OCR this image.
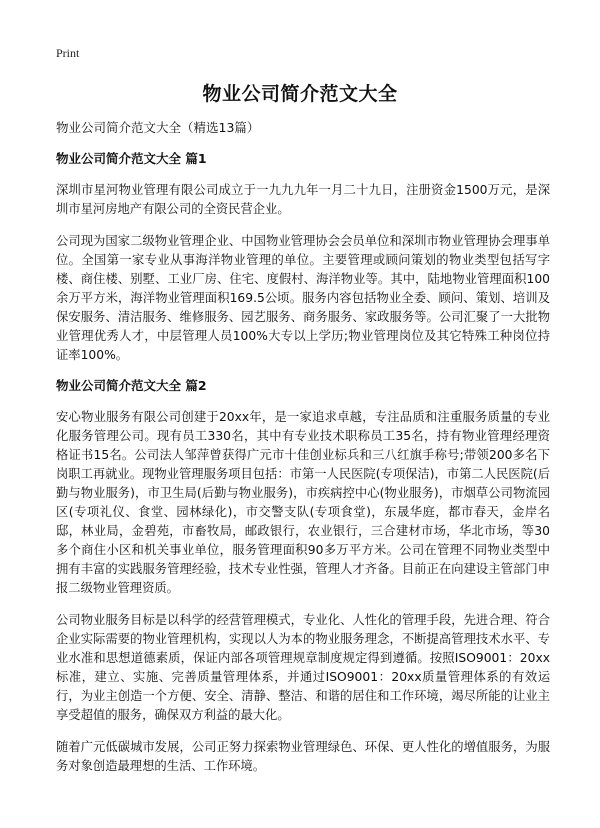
Print
物业公司简介范文大全
物业公司简介范文大全（精选13篇）
物业公司简介范文大全 篇1

深圳市星河物业管理有限公司成立于一九九九年一月二十九日，注册资金1500万元，是深圳市星河房地产有限公司的全资民营企业。

公司现为国家二级物业管理企业、中国物业管理协会会员单位和深圳市物业管理协会理事单位。全国第一家专业从事海洋物业管理的单位。主要管理或顾问策划的物业类型包括写字楼、商住楼、别墅、工业厂房、住宅、度假村、海洋物业等。其中，陆地物业管理面积100余万平方米，海洋物业管理面积169.5公顷。服务内容包括物业全委、顾问、策划、培训及保安服务、清洁服务、维修服务、园艺服务、商务服务、家政服务等。公司汇聚了一大批物业管理优秀人才，中层管理人员100%大专以上学历;物业管理岗位及其它特殊工种岗位持证率100%。

物业公司简介范文大全 篇2

安心物业服务有限公司创建于20xx年，是一家追求卓越，专注品质和注重服务质量的专业化服务管理公司。现有员工330名，其中有专业技术职称员工35名，持有物业管理经理资格证书15名。公司法人邹萍曾获得广元市十佳创业标兵和三八红旗手称号;带领200多名下岗职工再就业。现物业管理服务项目包括：市第一人民医院(专项保洁)，市第二人民医院(后勤与物业服务)，市卫生局(后勤与物业服务)，市疾病控中心(物业服务)，市烟草公司物流园区(专项礼仪、食堂、园林绿化)，市交警支队(专项食堂)，东晟华庭，都市春天，金岸名邸，林业局，金碧苑，市畜牧局，邮政银行，农业银行，三合建材市场，华北市场，等30多个商住小区和机关事业单位，服务管理面积90多万平方米。公司在管理不同物业类型中拥有丰富的实践服务管理经验，技术专业性强，管理人才齐备。目前正在向建设主管部门申报二级物业管理资质。

公司物业服务目标是以科学的经营管理模式，专业化、人性化的管理手段，先进合理、符合企业实际需要的物业管理机构，实现以人为本的物业服务理念，不断提高管理技术水平、专业水准和思想道德素质，保证内部各项管理规章制度规定得到遵循。按照ISO9001：20xx标准，建立、实施、完善质量管理体系，并通过ISO9001：20xx质量管理体系的有效运行，为业主创造一个方便、安全、清静、整洁、和谐的居住和工作环境，竭尽所能的让业主享受超值的服务，确保双方利益的最大化。

随着广元低碳城市发展，公司正努力探索物业管理绿色、环保、更人性化的增值服务，为服务对象创造最理想的生活、工作环境。
